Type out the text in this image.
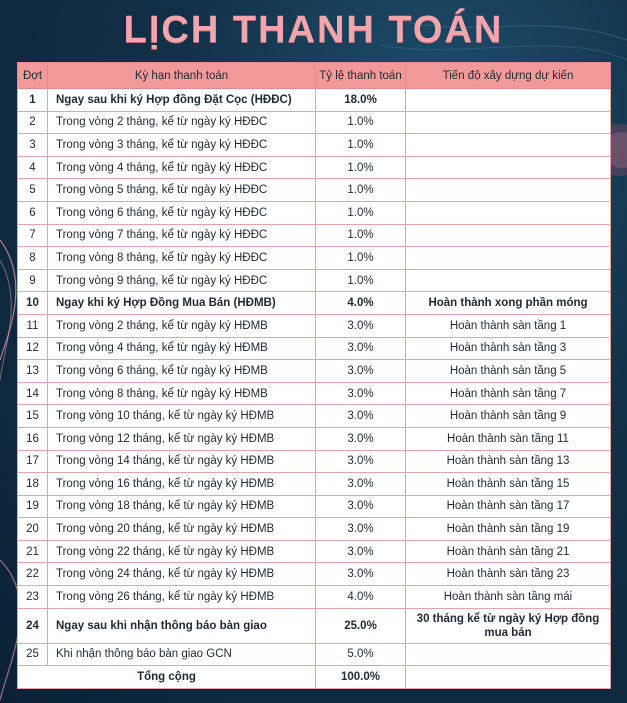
LỊCH THANH TOÁN
Đợt	Kỳ hạn thanh toán	Tỷ lệ thanh toán	Tiến độ xây dựng dự kiến
1	Ngay sau khi ký Hợp đồng Đặt Cọc (HĐĐC)	18.0%	
2	Trong vòng 2 tháng, kể từ ngày ký HĐĐC	1.0%	
3	Trong vòng 3 tháng, kể từ ngày ký HĐĐC	1.0%	
4	Trong vòng 4 tháng, kể từ ngày ký HĐĐC	1.0%	
5	Trong vòng 5 tháng, kể từ ngày ký HĐĐC	1.0%	
6	Trong vòng 6 tháng, kể từ ngày ký HĐĐC	1.0%	
7	Trong vòng 7 tháng, kể từ ngày ký HĐĐC	1.0%	
8	Trong vòng 8 tháng, kể từ ngày ký HĐĐC	1.0%	
9	Trong vòng 9 tháng, kể từ ngày ký HĐĐC	1.0%	
10	Ngay khi ký Hợp Đồng Mua Bán (HĐMB)	4.0%	Hoàn thành xong phần móng
11	Trong vòng 2 tháng, kể từ ngày ký HĐMB	3.0%	Hoàn thành sàn tầng 1
12	Trong vòng 4 tháng, kể từ ngày ký HĐMB	3.0%	Hoàn thành sàn tầng 3
13	Trong vòng 6 tháng, kể từ ngày ký HĐMB	3.0%	Hoàn thành sàn tầng 5
14	Trong vòng 8 tháng, kể từ ngày ký HĐMB	3.0%	Hoàn thành sàn tầng 7
15	Trong vòng 10 tháng, kể từ ngày ký HĐMB	3.0%	Hoàn thành sàn tầng 9
16	Trong vòng 12 tháng, kể từ ngày ký HĐMB	3.0%	Hoàn thành sàn tầng 11
17	Trong vòng 14 tháng, kể từ ngày ký HĐMB	3.0%	Hoàn thành sàn tầng 13
18	Trong vòng 16 tháng, kể từ ngày ký HĐMB	3.0%	Hoàn thành sàn tầng 15
19	Trong vòng 18 tháng, kể từ ngày ký HĐMB	3.0%	Hoàn thành sàn tầng 17
20	Trong vòng 20 tháng, kể từ ngày ký HĐMB	3.0%	Hoàn thành sàn tầng 19
21	Trong vòng 22 tháng, kể từ ngày ký HĐMB	3.0%	Hoàn thành sàn tầng 21
22	Trong vòng 24 tháng, kể từ ngày ký HĐMB	3.0%	Hoàn thành sàn tầng 23
23	Trong vòng 26 tháng, kể từ ngày ký HĐMB	4.0%	Hoàn thành sàn tầng mái
24	Ngay sau khi nhận thông báo bàn giao	25.0%	30 tháng kể từ ngày ký Hợp đồng mua bán
25	Khi nhận thông báo bàn giao GCN	5.0%	
Tổng cộng		100.0%	
